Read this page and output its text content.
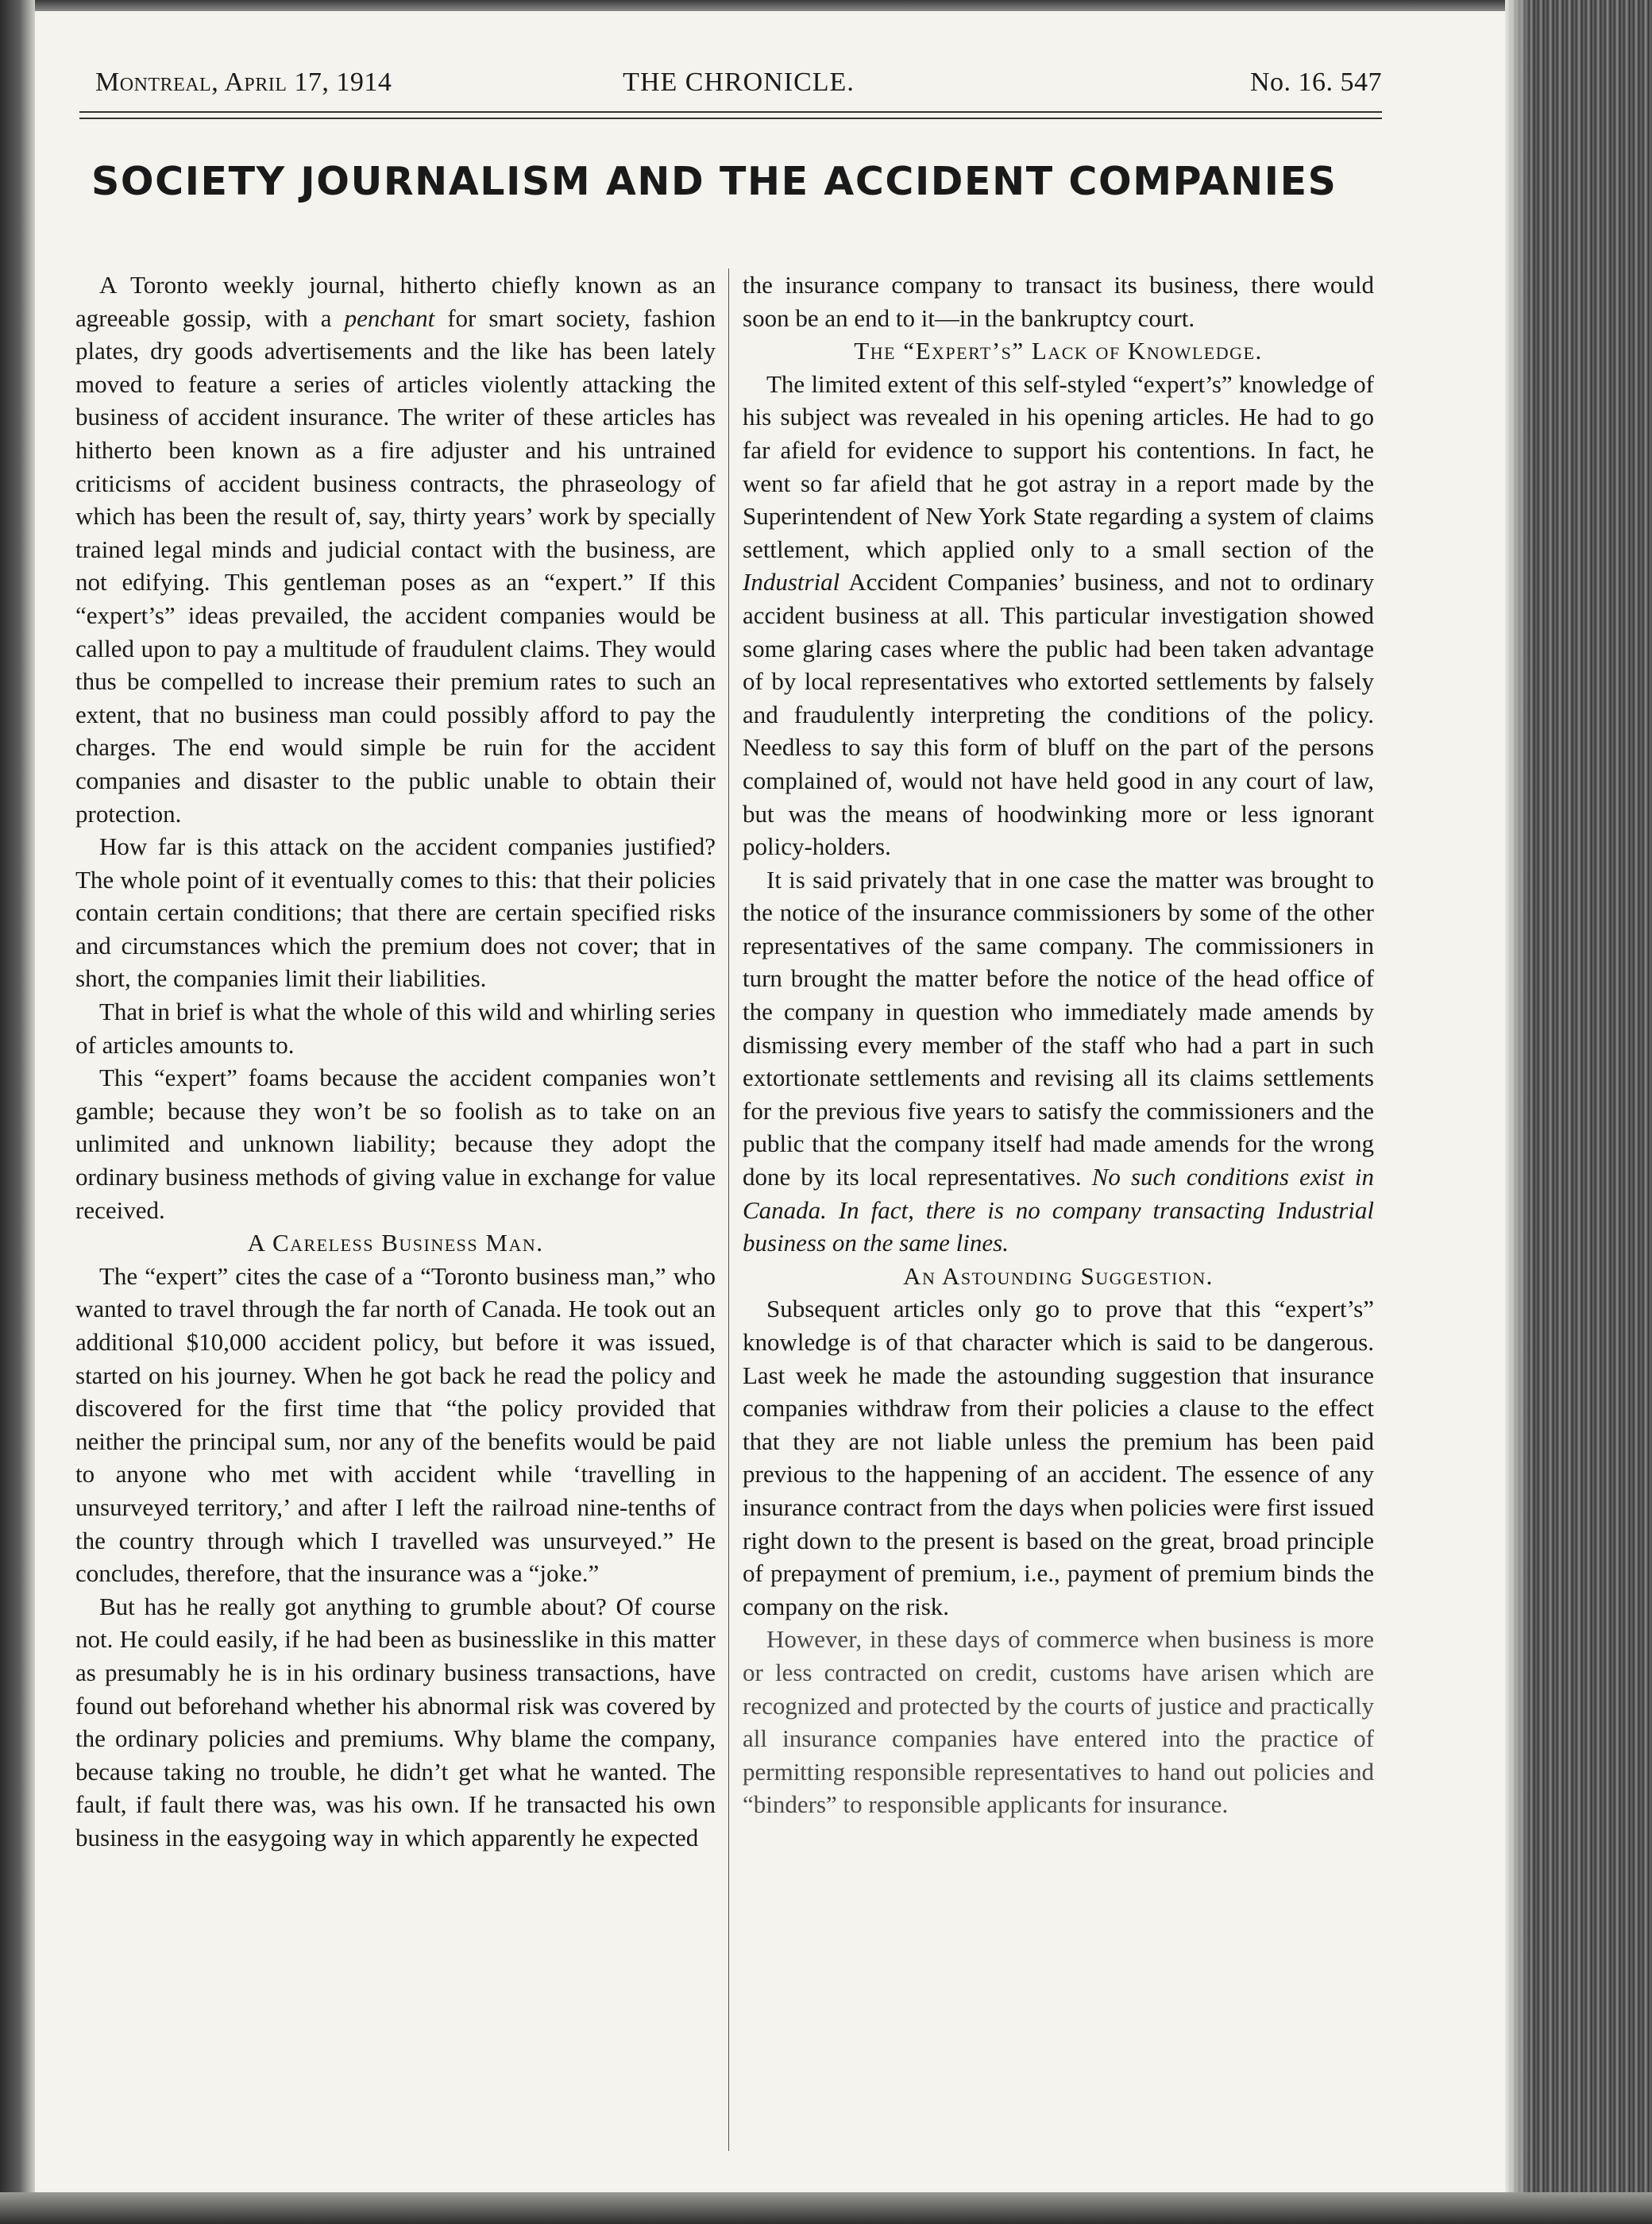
Montreal, April 17, 1914	THE CHRONICLE.	No. 16. 547
SOCIETY JOURNALISM AND THE ACCIDENT COMPANIES

A Toronto weekly journal, hitherto chiefly known as an agreeable gossip, with a penchant for smart society, fashion plates, dry goods advertisements and the like has been lately moved to feature a series of articles violently attacking the business of accident insurance. The writer of these articles has hitherto been known as a fire adjuster and his untrained criticisms of accident business contracts, the phraseology of which has been the result of, say, thirty years’ work by specially trained legal minds and judicial contact with the business, are not edifying. This gentleman poses as an “expert.” If this “expert’s” ideas prevailed, the accident companies would be called upon to pay a multitude of fraudulent claims. They would thus be compelled to increase their premium rates to such an extent, that no business man could possibly afford to pay the charges. The end would simple be ruin for the accident companies and disaster to the public unable to obtain their protection.

How far is this attack on the accident companies justified? The whole point of it eventually comes to this: that their policies contain certain conditions; that there are certain specified risks and circumstances which the premium does not cover; that in short, the companies limit their liabilities.

That in brief is what the whole of this wild and whirling series of articles amounts to.

This “expert” foams because the accident companies won’t gamble; because they won’t be so foolish as to take on an unlimited and unknown liability; because they adopt the ordinary business methods of giving value in exchange for value received.

A Careless Business Man.

The “expert” cites the case of a “Toronto business man,” who wanted to travel through the far north of Canada. He took out an additional $10,000 accident policy, but before it was issued, started on his journey. When he got back he read the policy and discovered for the first time that “the policy provided that neither the principal sum, nor any of the benefits would be paid to anyone who met with accident while ‘travelling in unsurveyed territory,’ and after I left the railroad nine-tenths of the country through which I travelled was unsurveyed.” He concludes, therefore, that the insurance was a “joke.”

But has he really got anything to grumble about? Of course not. He could easily, if he had been as businesslike in this matter as presumably he is in his ordinary business transactions, have found out beforehand whether his abnormal risk was covered by the ordinary policies and premiums. Why blame the company, because taking no trouble, he didn’t get what he wanted. The fault, if fault there was, was his own. If he transacted his own business in the easygoing way in which apparently he expected

the insurance company to transact its business, there would soon be an end to it—in the bankruptcy court.

The “Expert’s” Lack of Knowledge.

The limited extent of this self-styled “expert’s” knowledge of his subject was revealed in his opening articles. He had to go far afield for evidence to support his contentions. In fact, he went so far afield that he got astray in a report made by the Superintendent of New York State regarding a system of claims settlement, which applied only to a small section of the Industrial Accident Companies’ business, and not to ordinary accident business at all. This particular investigation showed some glaring cases where the public had been taken advantage of by local representatives who extorted settlements by falsely and fraudulently interpreting the conditions of the policy. Needless to say this form of bluff on the part of the persons complained of, would not have held good in any court of law, but was the means of hoodwinking more or less ignorant policy-holders.

It is said privately that in one case the matter was brought to the notice of the insurance commissioners by some of the other representatives of the same company. The commissioners in turn brought the matter before the notice of the head office of the company in question who immediately made amends by dismissing every member of the staff who had a part in such extortionate settlements and revising all its claims settlements for the previous five years to satisfy the commissioners and the public that the company itself had made amends for the wrong done by its local representatives. No such conditions exist in Canada. In fact, there is no company transacting Industrial business on the same lines.

An Astounding Suggestion.

Subsequent articles only go to prove that this “expert’s” knowledge is of that character which is said to be dangerous. Last week he made the astounding suggestion that insurance companies withdraw from their policies a clause to the effect that they are not liable unless the premium has been paid previous to the happening of an accident. The essence of any insurance contract from the days when policies were first issued right down to the present is based on the great, broad principle of prepayment of premium, i.e., payment of premium binds the company on the risk.

However, in these days of commerce when business is more or less contracted on credit, customs have arisen which are recognized and protected by the courts of justice and practically all insurance companies have entered into the practice of permitting responsible representatives to hand out policies and “binders” to responsible applicants for insurance.
